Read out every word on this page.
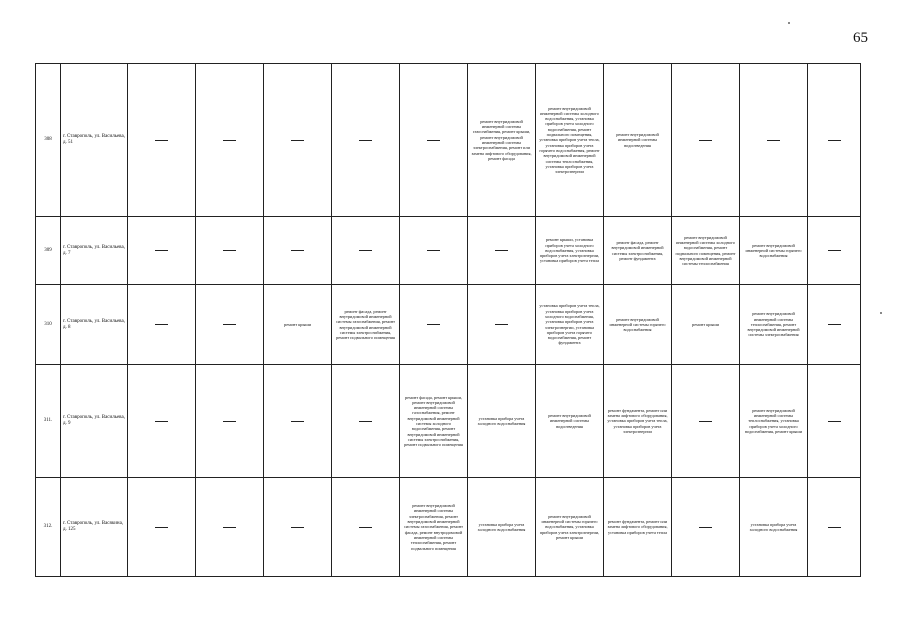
65
308	г. Ставрополь, ул. Васильева, д. 51						ремонт внутридомовой инженерной системы газоснабжения, ремонт крыши, ремонт внутридомовой инженерной системы электроснабжения, ремонт или замена лифтового оборудования, ремонт фасада	ремонт внутридомовой инженерной системы холодного водоснабжения, установка приборов учета холодного водоснабжения, ремонт подвального помещения, установка приборов учета тепла, установка приборов учета горячего водоснабжения, ремонт внутридомовой инженерной системы теплоснабжения, установка приборов учета электроэнергии	ремонт внутридомовой инженерной системы водоотведения			
309	г. Ставрополь, ул. Васильева, д. 7							ремонт крыши, установка приборов учета холодного водоснабжения, установка приборов учета электроэнергии, установка приборов учета тепла	ремонт фасада, ремонт внутридомовой инженерной системы электроснабжения, ремонт фундамента	ремонт внутридомовой инженерной системы холодного водоснабжения, ремонт подвального помещения, ремонт внутридомовой инженерной системы теплоснабжения	ремонт внутридомовой инженерной системы горячего водоснабжения	
310	г. Ставрополь, ул. Васильева, д. 8			ремонт крыши	ремонт фасада, ремонт внутридомовой инженерной системы газоснабжения, ремонт внутридомовой инженерной системы электроснабжения, ремонт подвального помещения			установка приборов учета тепла, установка приборов учета холодного водоснабжения, установка приборов учета электроэнергии, установка приборов учета горячего водоснабжения, ремонт фундамента	ремонт внутридомовой инженерной системы горячего водоснабжения	ремонт крыши	ремонт внутридомовой инженерной системы теплоснабжения, ремонт внутридомовой инженерной системы электроснабжения	
311.	г. Ставрополь, ул. Васильева, д. 9					ремонт фасада, ремонт крыши, ремонт внутридомовой инженерной системы газоснабжения, ремонт внутридомовой инженерной системы холодного водоснабжения, ремонт внутридомовой инженерной системы электроснабжения, ремонт подвального помещения	установка прибора учета холодного водоснабжения	ремонт внутридомовой инженерной системы водоотведения	ремонт фундамента, ремонт или замена лифтового оборудования, установка приборов учета тепла, установка приборов учета электроэнергии		ремонт внутридомовой инженерной системы теплоснабжения, установка приборов учета холодного водоснабжения, ремонт крыши	
312.	г. Ставрополь, ул. Васякина, д. 125					ремонт внутридомовой инженерной системы электроснабжения, ремонт внутридомовой инженерной системы газоснабжения, ремонт фасада, ремонт внутридомовой инженерной системы теплоснабжения, ремонт подвального помещения	установка прибора учета холодного водоснабжения	ремонт внутридомовой инженерной системы горячего водоснабжения, установка приборов учета электроэнергии, ремонт крыши	ремонт фундамента, ремонт или замена лифтового оборудования, установка приборов учета тепла		установка прибора учета холодного водоснабжения	
